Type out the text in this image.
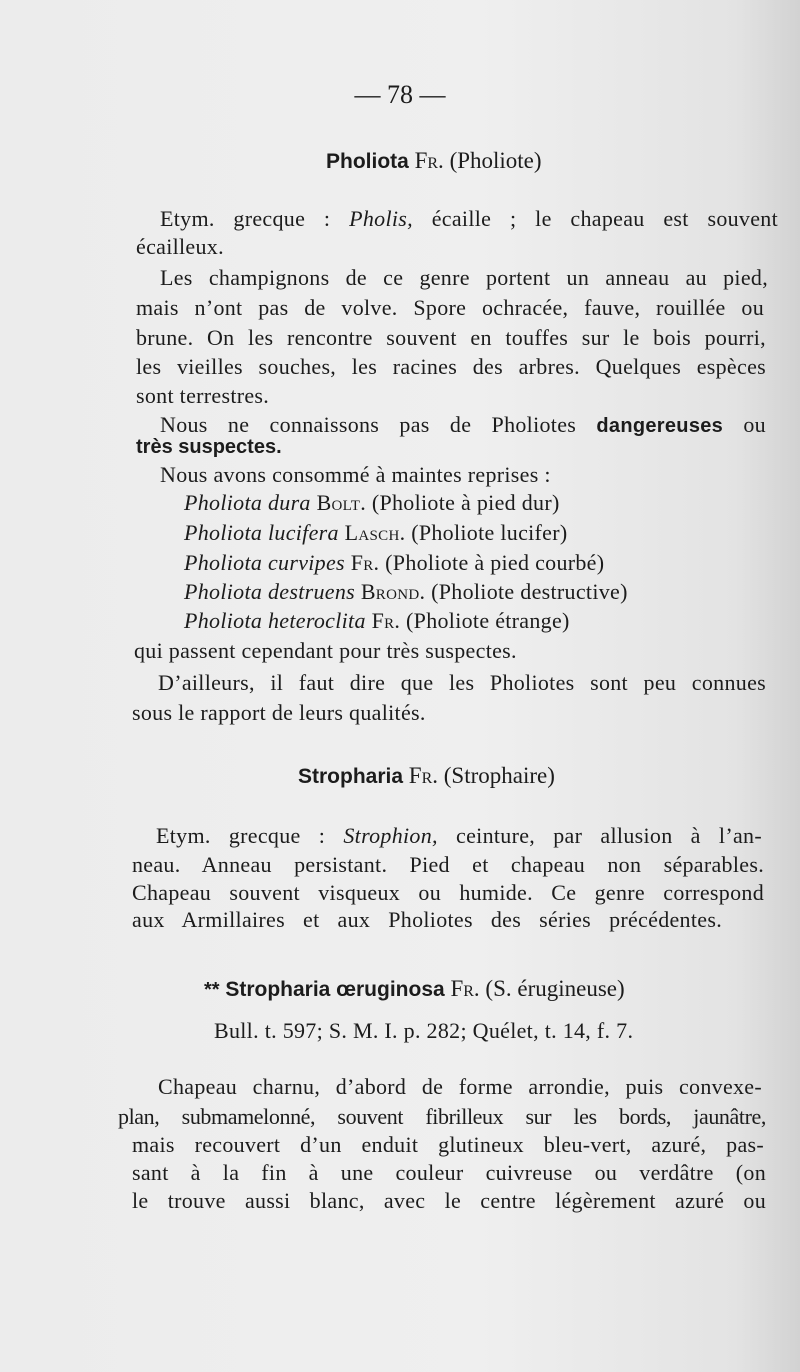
— 78 —
Pholiota Fr. (Pholiote)
Etym. grecque : Pholis, écaille ; le chapeau est souvent
écailleux.
Les champignons de ce genre portent un anneau au pied,
mais n’ont pas de volve. Spore ochracée, fauve, rouillée ou
brune. On les rencontre souvent en touffes sur le bois pourri,
les vieilles souches, les racines des arbres. Quelques espèces
sont terrestres.
Nous ne connaissons pas de Pholiotes dangereuses ou
très suspectes.
Nous avons consommé à maintes reprises :
Pholiota dura Bolt. (Pholiote à pied dur)
Pholiota lucifera Lasch. (Pholiote lucifer)
Pholiota curvipes Fr. (Pholiote à pied courbé)
Pholiota destruens Brond. (Pholiote destructive)
Pholiota heteroclita Fr. (Pholiote étrange)
qui passent cependant pour très suspectes.
D’ailleurs, il faut dire que les Pholiotes sont peu connues
sous le rapport de leurs qualités.
Stropharia Fr. (Strophaire)
Etym. grecque : Strophion, ceinture, par allusion à l’an-
neau. Anneau persistant. Pied et chapeau non séparables.
Chapeau souvent visqueux ou humide. Ce genre correspond
aux Armillaires et aux Pholiotes des séries précédentes.
** Stropharia œruginosa Fr. (S. érugineuse)
Bull. t. 597; S. M. I. p. 282; Quélet, t. 14, f. 7.
Chapeau charnu, d’abord de forme arrondie, puis convexe-
plan, submamelonné, souvent fibrilleux sur les bords, jaunâtre,
mais recouvert d’un enduit glutineux bleu-vert, azuré, pas-
sant à la fin à une couleur cuivreuse ou verdâtre (on
le trouve aussi blanc, avec le centre légèrement azuré ou
